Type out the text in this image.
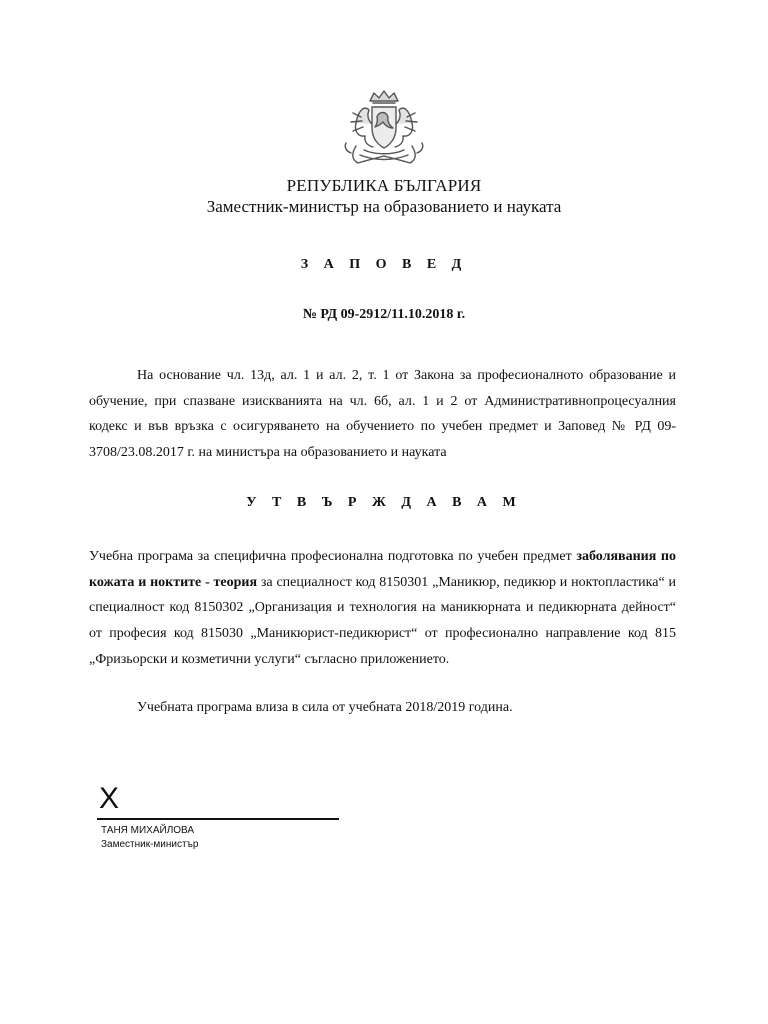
РЕПУБЛИКА БЪЛГАРИЯ
Заместник-министър на образованието и науката
З А П О В Е Д
№ РД 09-2912/11.10.2018 г.

На основание чл. 13д, ал. 1 и ал. 2, т. 1 от Закона за професионалното образование и обучение, при спазване изискванията на чл. 6б, ал. 1 и 2 от Административнопроцесуалния кодекс и във връзка с осигуряването на обучението по учебен предмет и Заповед № РД 09-3708/23.08.2017 г. на министъра на образованието и науката

У Т В Ъ Р Ж Д А В А М

Учебна програма за специфична професионална подготовка по учебен предмет заболявания по кожата и ноктите - теория за специалност код 8150301 „Маникюр, педикюр и ноктопластика“ и специалност код 8150302 „Организация и технология на маникюрната и педикюрната дейност“ от професия код 815030 „Маникюрист-педикюрист“ от професионално направление код 815 „Фризьорски и козметични услуги“ съгласно приложението.

Учебната програма влиза в сила от учебната 2018/2019 година.

X
ТАНЯ МИХАЙЛОВА
Заместник-министър
